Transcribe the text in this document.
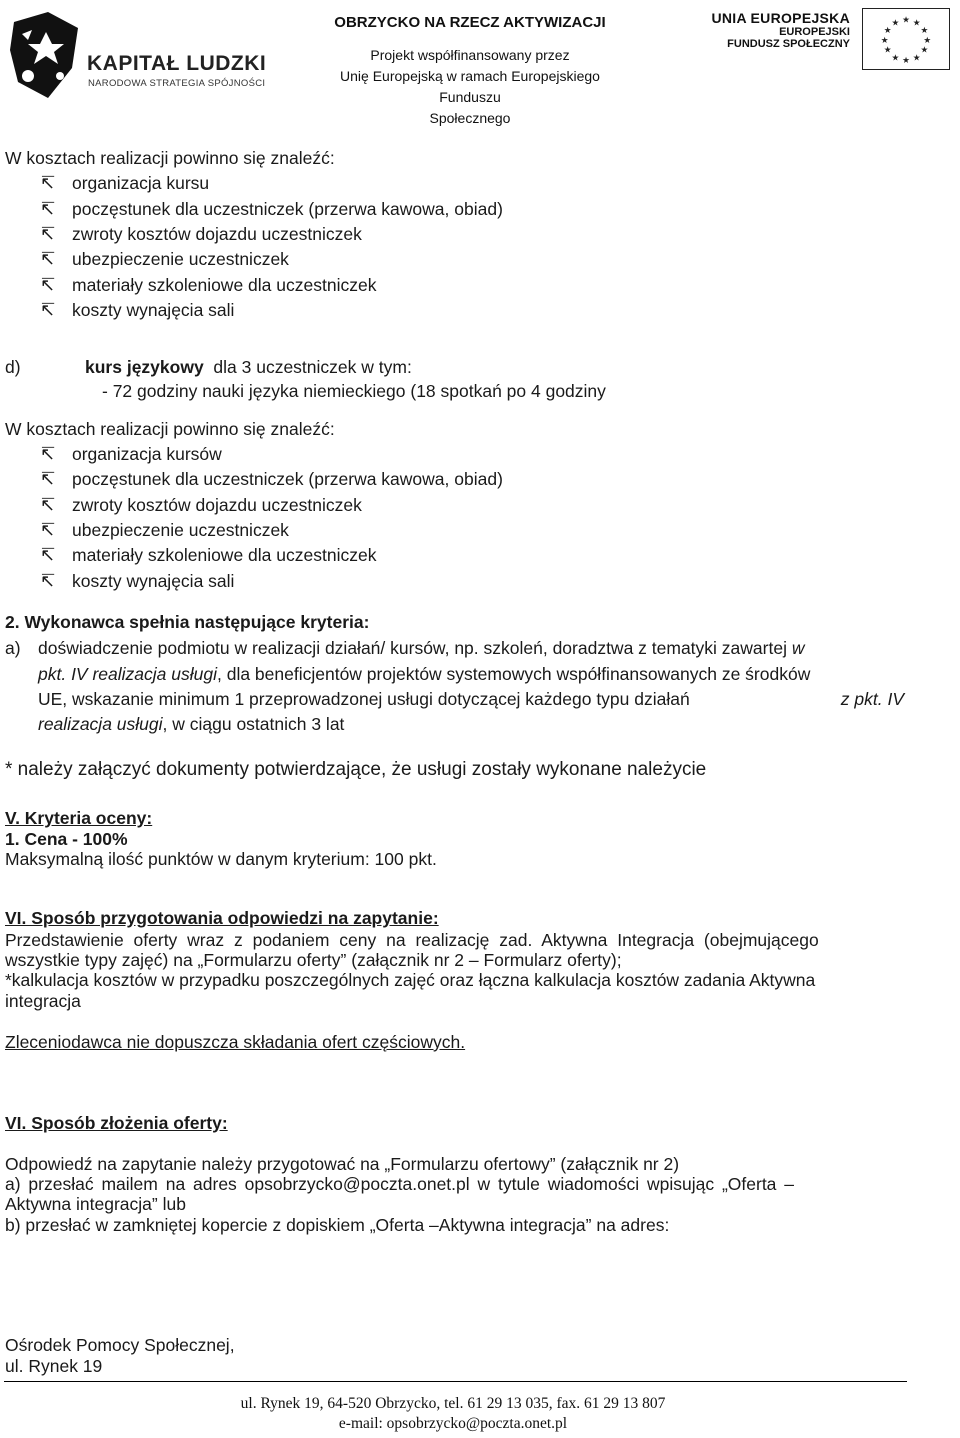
KAPITAŁ LUDZKI
NARODOWA STRATEGIA SPÓJNOŚCI
OBRZYCKO NA RZECZ AKTYWIZACJI
Projekt współfinansowany przez
Unię Europejską w ramach Europejskiego Funduszu
Społecznego
UNIA EUROPEJSKA
EUROPEJSKI
FUNDUSZ SPOŁECZNY
★ ★
★
★
★
★
★
★
★
★
★
★
W kosztach realizacji powinno się znaleźć:
↸ organizacja kursu
↸ poczęstunek dla uczestniczek (przerwa kawowa, obiad)
↸ zwroty kosztów dojazdu uczestniczek
↸ ubezpieczenie uczestniczek
↸ materiały szkoleniowe dla uczestniczek
↸ koszty wynajęcia sali
d)	kurs językowy dla 3 uczestniczek w tym:
- 72 godziny nauki języka niemieckiego (18 spotkań po 4 godziny
W kosztach realizacji powinno się znaleźć:
↸ organizacja kursów
↸ poczęstunek dla uczestniczek (przerwa kawowa, obiad)
↸ zwroty kosztów dojazdu uczestniczek
↸ ubezpieczenie uczestniczek
↸ materiały szkoleniowe dla uczestniczek
↸ koszty wynajęcia sali
2. Wykonawca spełnia następujące kryteria:
a) doświadczenie podmiotu w realizacji działań/ kursów, np. szkoleń, doradztwa z tematyki zawartej w
pkt. IV realizacja usługi, dla beneficjentów projektów systemowych współfinansowanych ze środków
UE, wskazanie minimum 1 przeprowadzonej usługi dotyczącej każdego typu działań	z pkt. IV
realizacja usługi, w ciągu ostatnich 3 lat
* należy załączyć dokumenty potwierdzające, że usługi zostały wykonane należycie
V. Kryteria oceny:
1. Cena - 100%
Maksymalną ilość punktów w danym kryterium: 100 pkt.
VI. Sposób przygotowania odpowiedzi na zapytanie:
Przedstawienie oferty wraz z podaniem ceny na realizację zad. Aktywna Integracja (obejmującego
wszystkie typy zajęć) na „Formularzu oferty” (załącznik nr 2 – Formularz oferty);
*kalkulacja kosztów w przypadku poszczególnych zajęć oraz łączna kalkulacja kosztów zadania Aktywna
integracja
Zleceniodawca nie dopuszcza składania ofert częściowych.
VI. Sposób złożenia oferty:
Odpowiedź na zapytanie należy przygotować na „Formularzu ofertowy” (załącznik nr 2)
a) przesłać mailem na adres opsobrzycko@poczta.onet.pl w tytule wiadomości wpisując „Oferta –
Aktywna integracja” lub
b) przesłać w zamkniętej kopercie z dopiskiem „Oferta –Aktywna integracja” na adres:
Ośrodek Pomocy Społecznej,
ul. Rynek 19
ul. Rynek 19, 64-520 Obrzycko, tel. 61 29 13 035, fax. 61 29 13 807
e-mail: opsobrzycko@poczta.onet.pl
